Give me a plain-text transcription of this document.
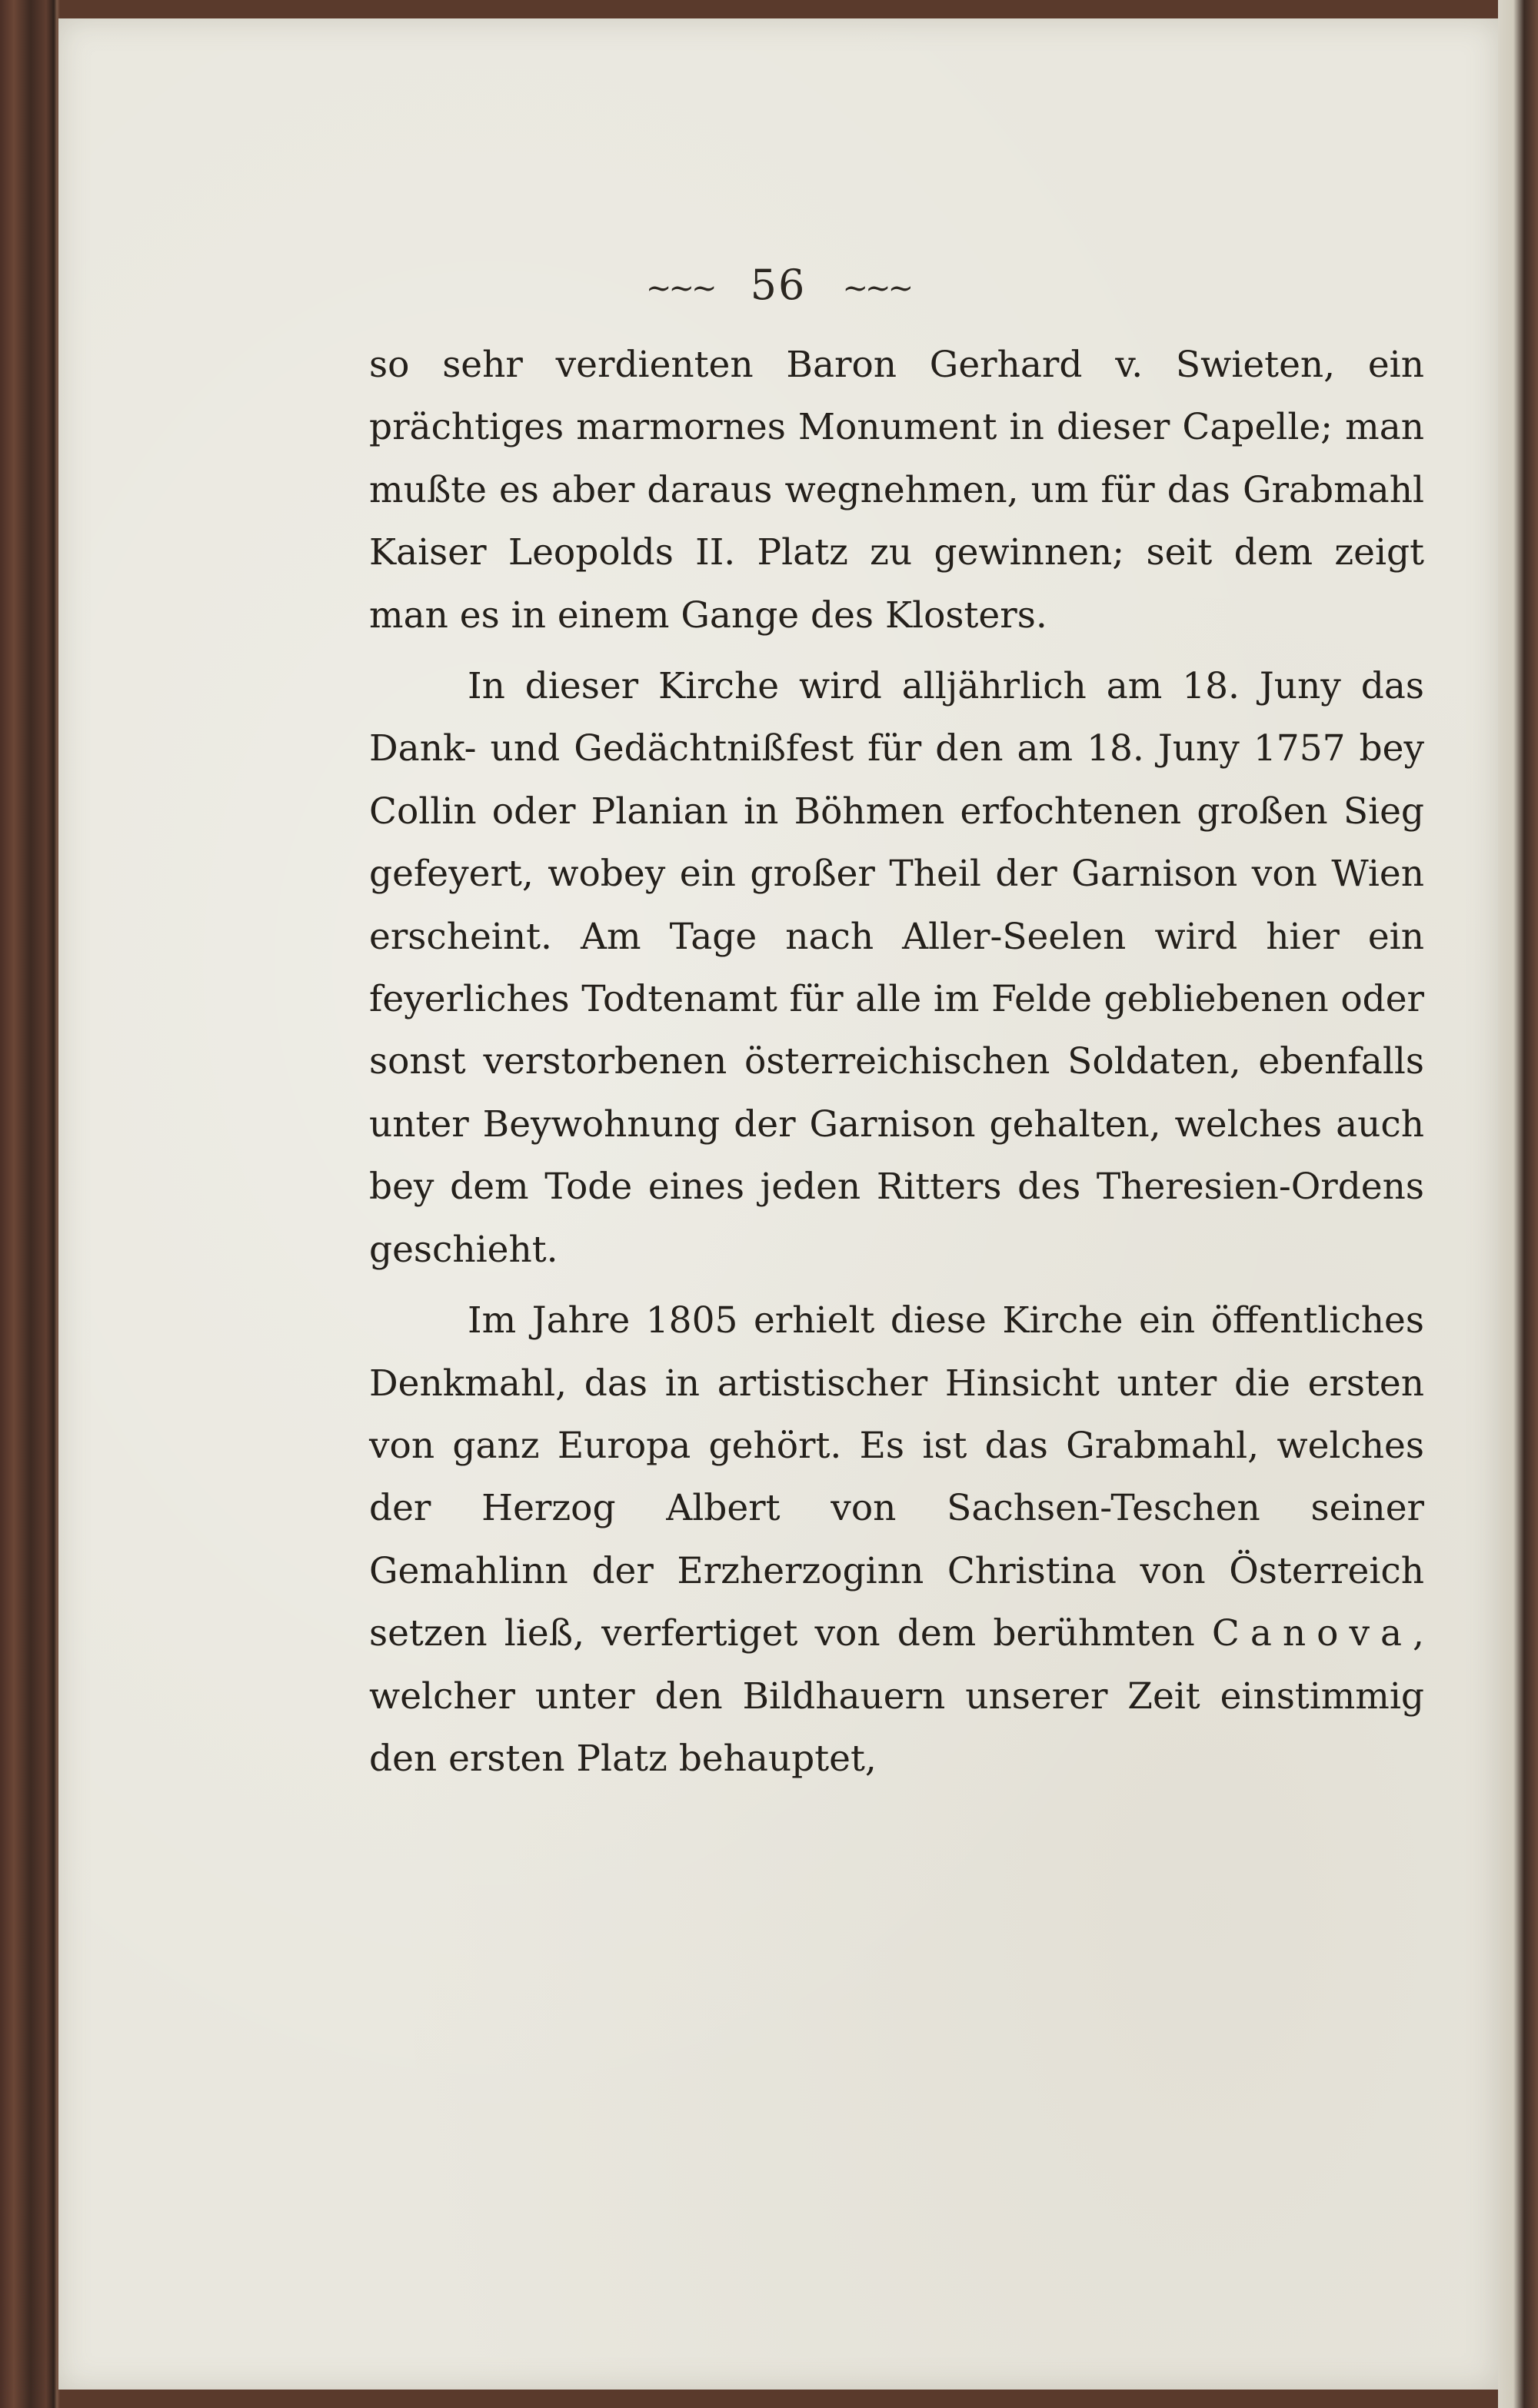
~~~ 56 ~~~

so sehr verdienten Baron Gerhard v. Swieten, ein prächtiges marmornes Monument in dieser Capelle; man mußte es aber daraus wegnehmen, um für das Grabmahl Kaiser Leopolds II. Platz zu gewinnen; seit dem zeigt man es in einem Gange des Klosters.

In dieser Kirche wird alljährlich am 18. Juny das Dank- und Gedächtnißfest für den am 18. Juny 1757 bey Collin oder Planian in Böhmen erfochtenen großen Sieg gefeyert, wobey ein großer Theil der Garnison von Wien erscheint. Am Tage nach Aller-Seelen wird hier ein feyerliches Todtenamt für alle im Felde gebliebenen oder sonst verstorbenen österreichischen Soldaten, ebenfalls unter Beywohnung der Garnison gehalten, welches auch bey dem Tode eines jeden Ritters des Theresien-Ordens geschieht.

Im Jahre 1805 erhielt diese Kirche ein öffentliches Denkmahl, das in artistischer Hinsicht unter die ersten von ganz Europa gehört. Es ist das Grabmahl, welches der Herzog Albert von Sachsen-Teschen seiner Gemahlinn der Erzherzoginn Christina von Österreich setzen ließ, verfertiget von dem berühmten Canova, welcher unter den Bildhauern unserer Zeit einstimmig den ersten Platz behauptet,
